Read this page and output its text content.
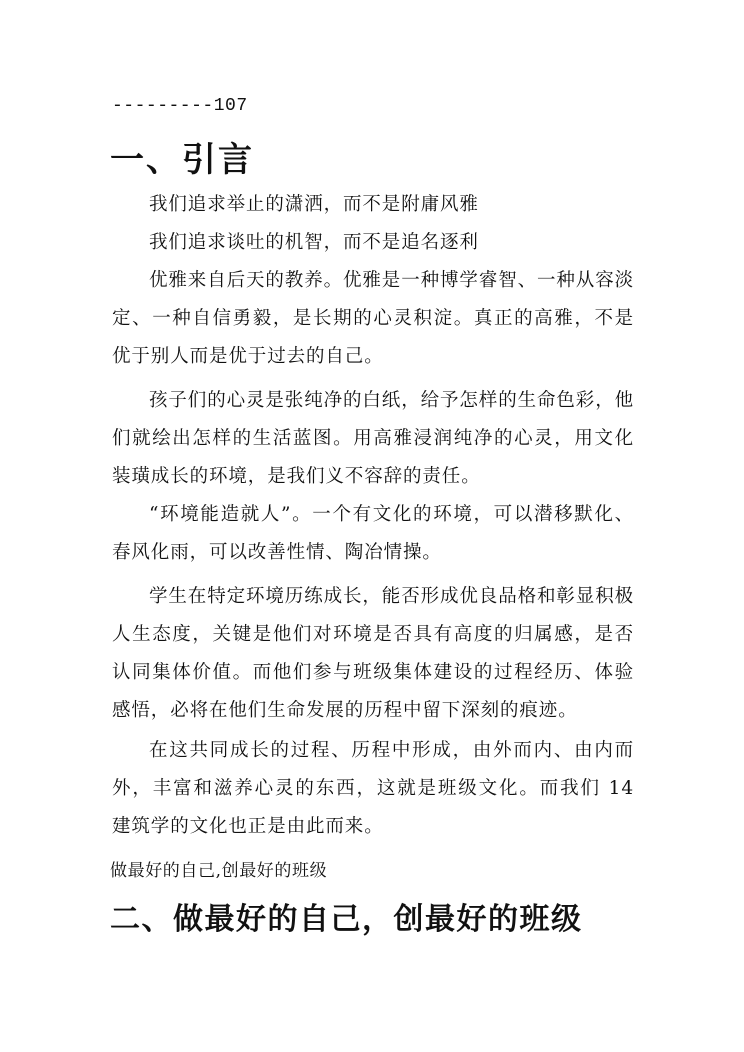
---------107
一、引言
我们追求举止的潇洒，而不是附庸风雅
我们追求谈吐的机智，而不是追名逐利
优雅来自后天的教养。优雅是一种博学睿智、一种从容淡定、一种自信勇毅，是长期的心灵积淀。真正的高雅，不是优于别人而是优于过去的自己。
孩子们的心灵是张纯净的白纸，给予怎样的生命色彩，他们就绘出怎样的生活蓝图。用高雅浸润纯净的心灵，用文化装璜成长的环境，是我们义不容辞的责任。
“环境能造就人”。一个有文化的环境，可以潜移默化、春风化雨，可以改善性情、陶冶情操。
学生在特定环境历练成长，能否形成优良品格和彰显积极人生态度，关键是他们对环境是否具有高度的归属感，是否认同集体价值。而他们参与班级集体建设的过程经历、体验感悟，必将在他们生命发展的历程中留下深刻的痕迹。
在这共同成长的过程、历程中形成，由外而内、由内而外，丰富和滋养心灵的东西，这就是班级文化。而我们 14 建筑学的文化也正是由此而来。
做最好的自己,创最好的班级
二、做最好的自己，创最好的班级
